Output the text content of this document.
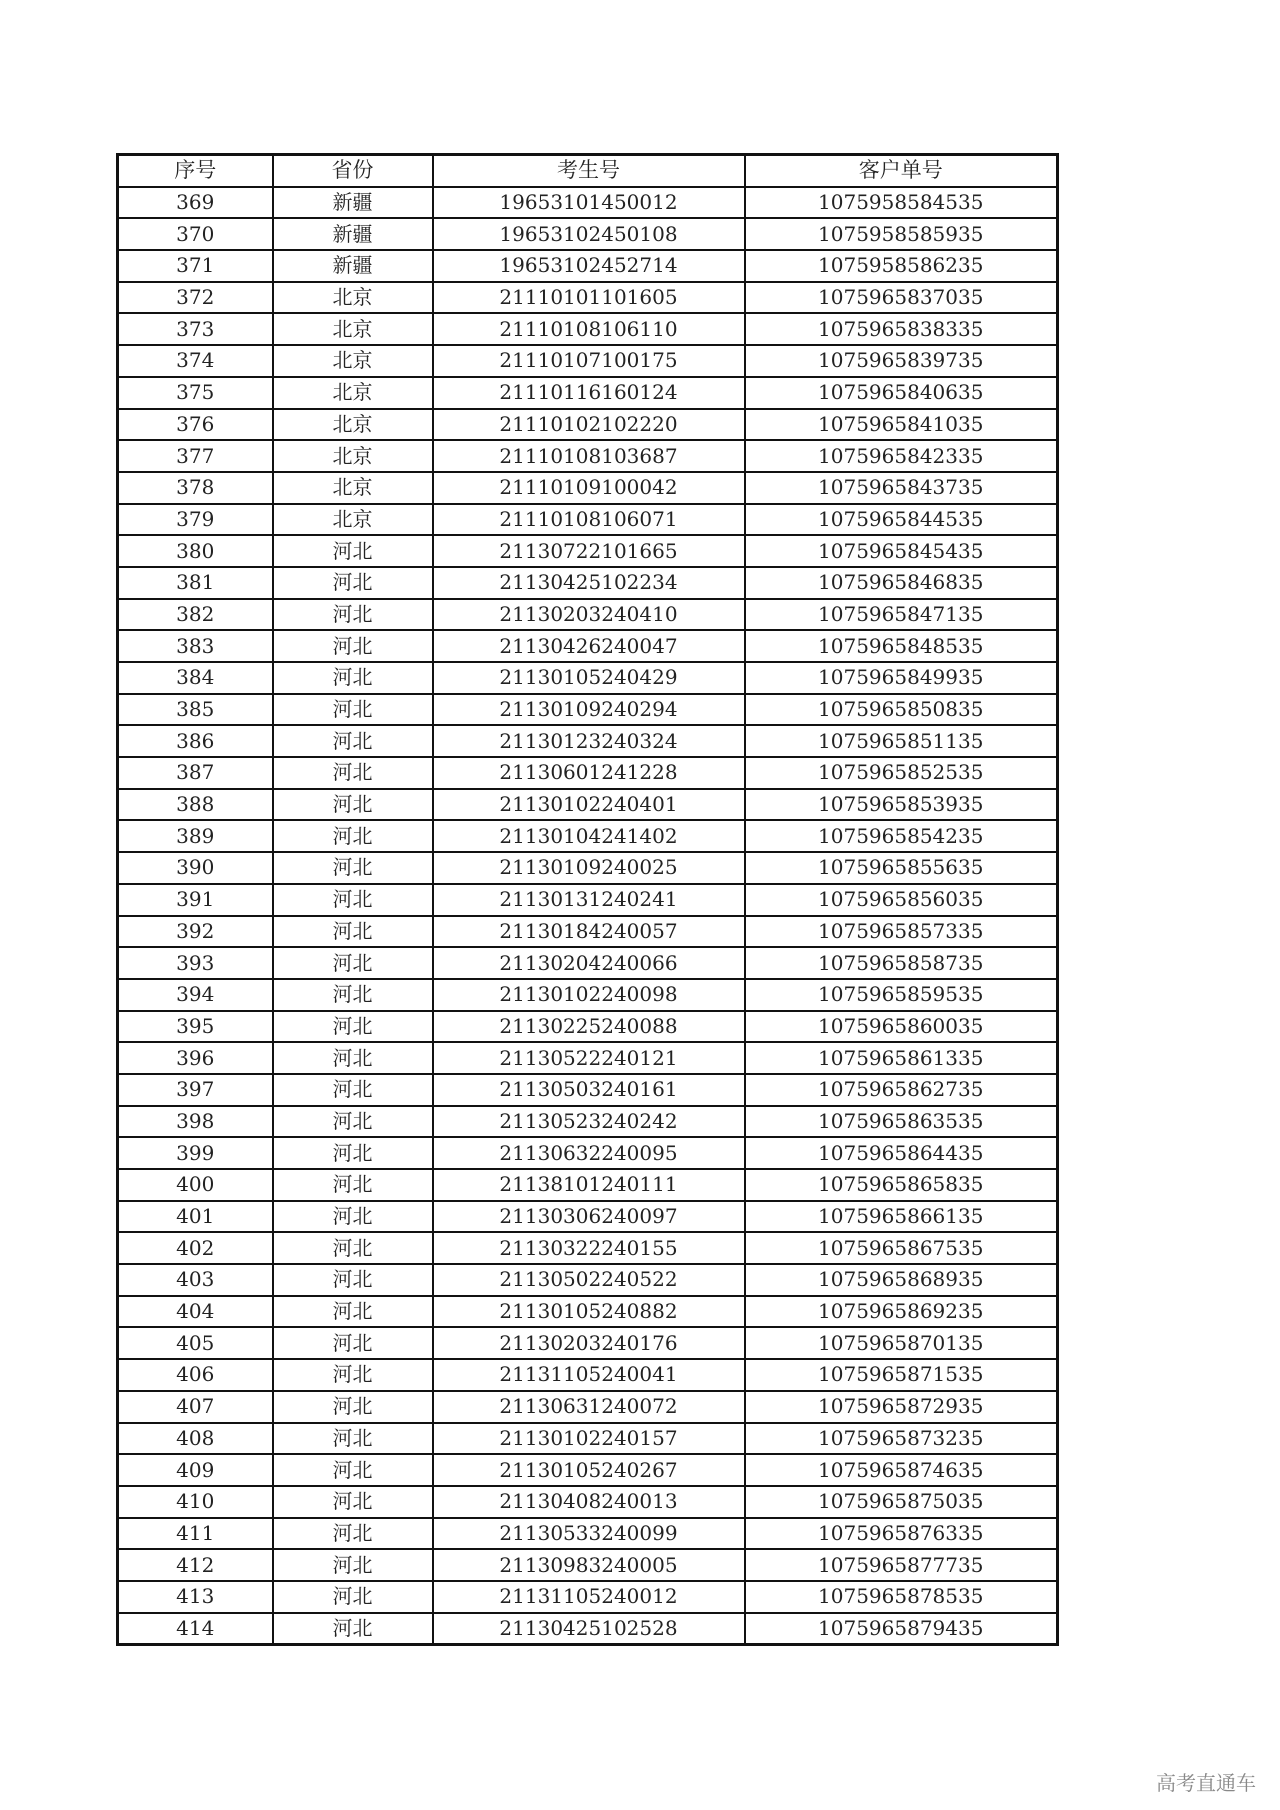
序号	省份	考生号	客户单号
369	新疆	19653101450012	1075958584535
370	新疆	19653102450108	1075958585935
371	新疆	19653102452714	1075958586235
372	北京	21110101101605	1075965837035
373	北京	21110108106110	1075965838335
374	北京	21110107100175	1075965839735
375	北京	21110116160124	1075965840635
376	北京	21110102102220	1075965841035
377	北京	21110108103687	1075965842335
378	北京	21110109100042	1075965843735
379	北京	21110108106071	1075965844535
380	河北	21130722101665	1075965845435
381	河北	21130425102234	1075965846835
382	河北	21130203240410	1075965847135
383	河北	21130426240047	1075965848535
384	河北	21130105240429	1075965849935
385	河北	21130109240294	1075965850835
386	河北	21130123240324	1075965851135
387	河北	21130601241228	1075965852535
388	河北	21130102240401	1075965853935
389	河北	21130104241402	1075965854235
390	河北	21130109240025	1075965855635
391	河北	21130131240241	1075965856035
392	河北	21130184240057	1075965857335
393	河北	21130204240066	1075965858735
394	河北	21130102240098	1075965859535
395	河北	21130225240088	1075965860035
396	河北	21130522240121	1075965861335
397	河北	21130503240161	1075965862735
398	河北	21130523240242	1075965863535
399	河北	21130632240095	1075965864435
400	河北	21138101240111	1075965865835
401	河北	21130306240097	1075965866135
402	河北	21130322240155	1075965867535
403	河北	21130502240522	1075965868935
404	河北	21130105240882	1075965869235
405	河北	21130203240176	1075965870135
406	河北	21131105240041	1075965871535
407	河北	21130631240072	1075965872935
408	河北	21130102240157	1075965873235
409	河北	21130105240267	1075965874635
410	河北	21130408240013	1075965875035
411	河北	21130533240099	1075965876335
412	河北	21130983240005	1075965877735
413	河北	21131105240012	1075965878535
414	河北	21130425102528	1075965879435
高考直通车
